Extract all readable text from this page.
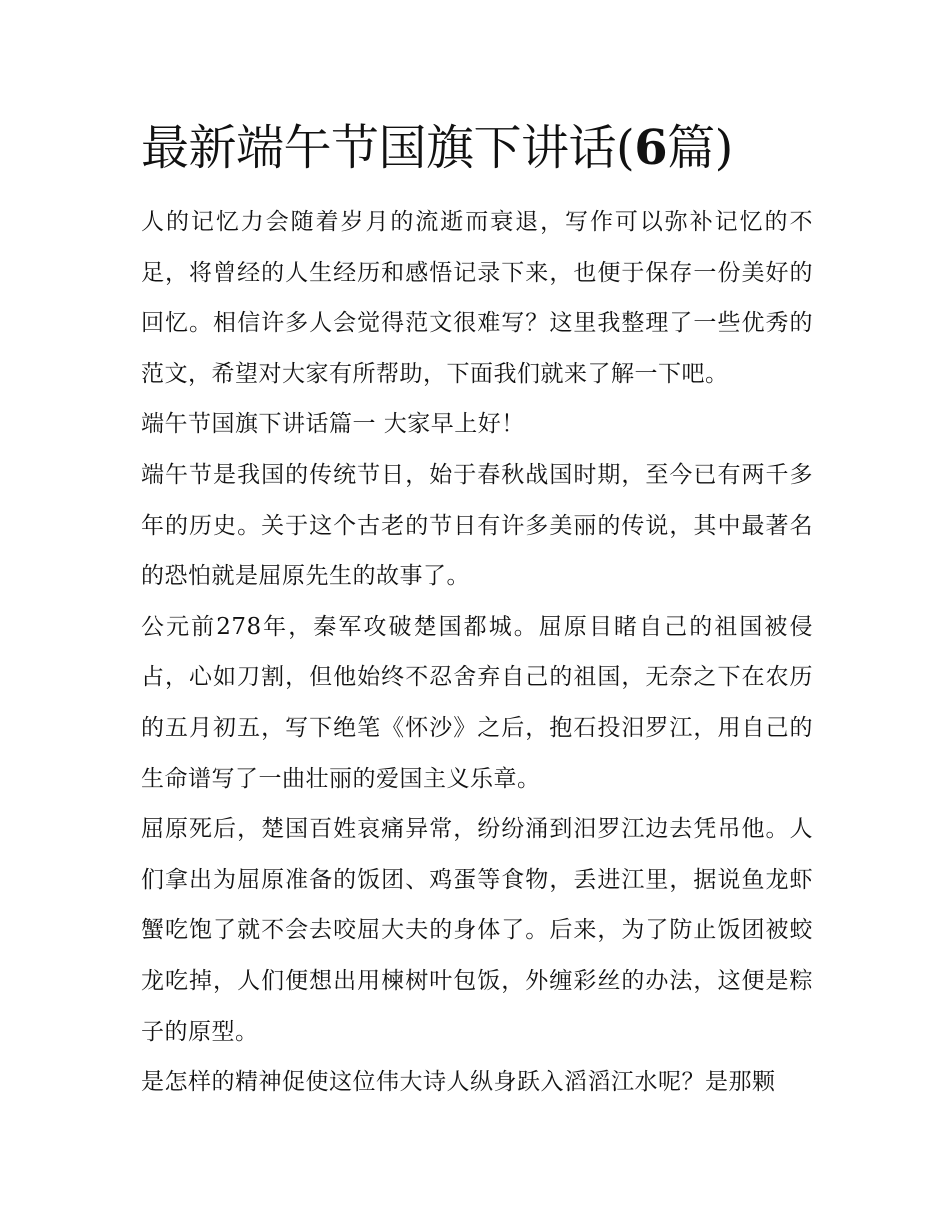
最新端午节国旗下讲话(6篇)

人的记忆力会随着岁月的流逝而衰退，写作可以弥补记忆的不足，将曾经的人生经历和感悟记录下来，也便于保存一份美好的回忆。相信许多人会觉得范文很难写？这里我整理了一些优秀的范文，希望对大家有所帮助，下面我们就来了解一下吧。

端午节国旗下讲话篇一 大家早上好！

端午节是我国的传统节日，始于春秋战国时期，至今已有两千多年的历史。关于这个古老的节日有许多美丽的传说，其中最著名的恐怕就是屈原先生的故事了。

公元前278年，秦军攻破楚国都城。屈原目睹自己的祖国被侵占，心如刀割，但他始终不忍舍弃自己的祖国，无奈之下在农历的五月初五，写下绝笔《怀沙》之后，抱石投汨罗江，用自己的生命谱写了一曲壮丽的爱国主义乐章。

屈原死后，楚国百姓哀痛异常，纷纷涌到汨罗江边去凭吊他。人们拿出为屈原准备的饭团、鸡蛋等食物，丢进江里，据说鱼龙虾蟹吃饱了就不会去咬屈大夫的身体了。后来，为了防止饭团被蛟龙吃掉，人们便想出用楝树叶包饭，外缠彩丝的办法，这便是粽子的原型。

是怎样的精神促使这位伟大诗人纵身跃入滔滔江水呢？是那颗
